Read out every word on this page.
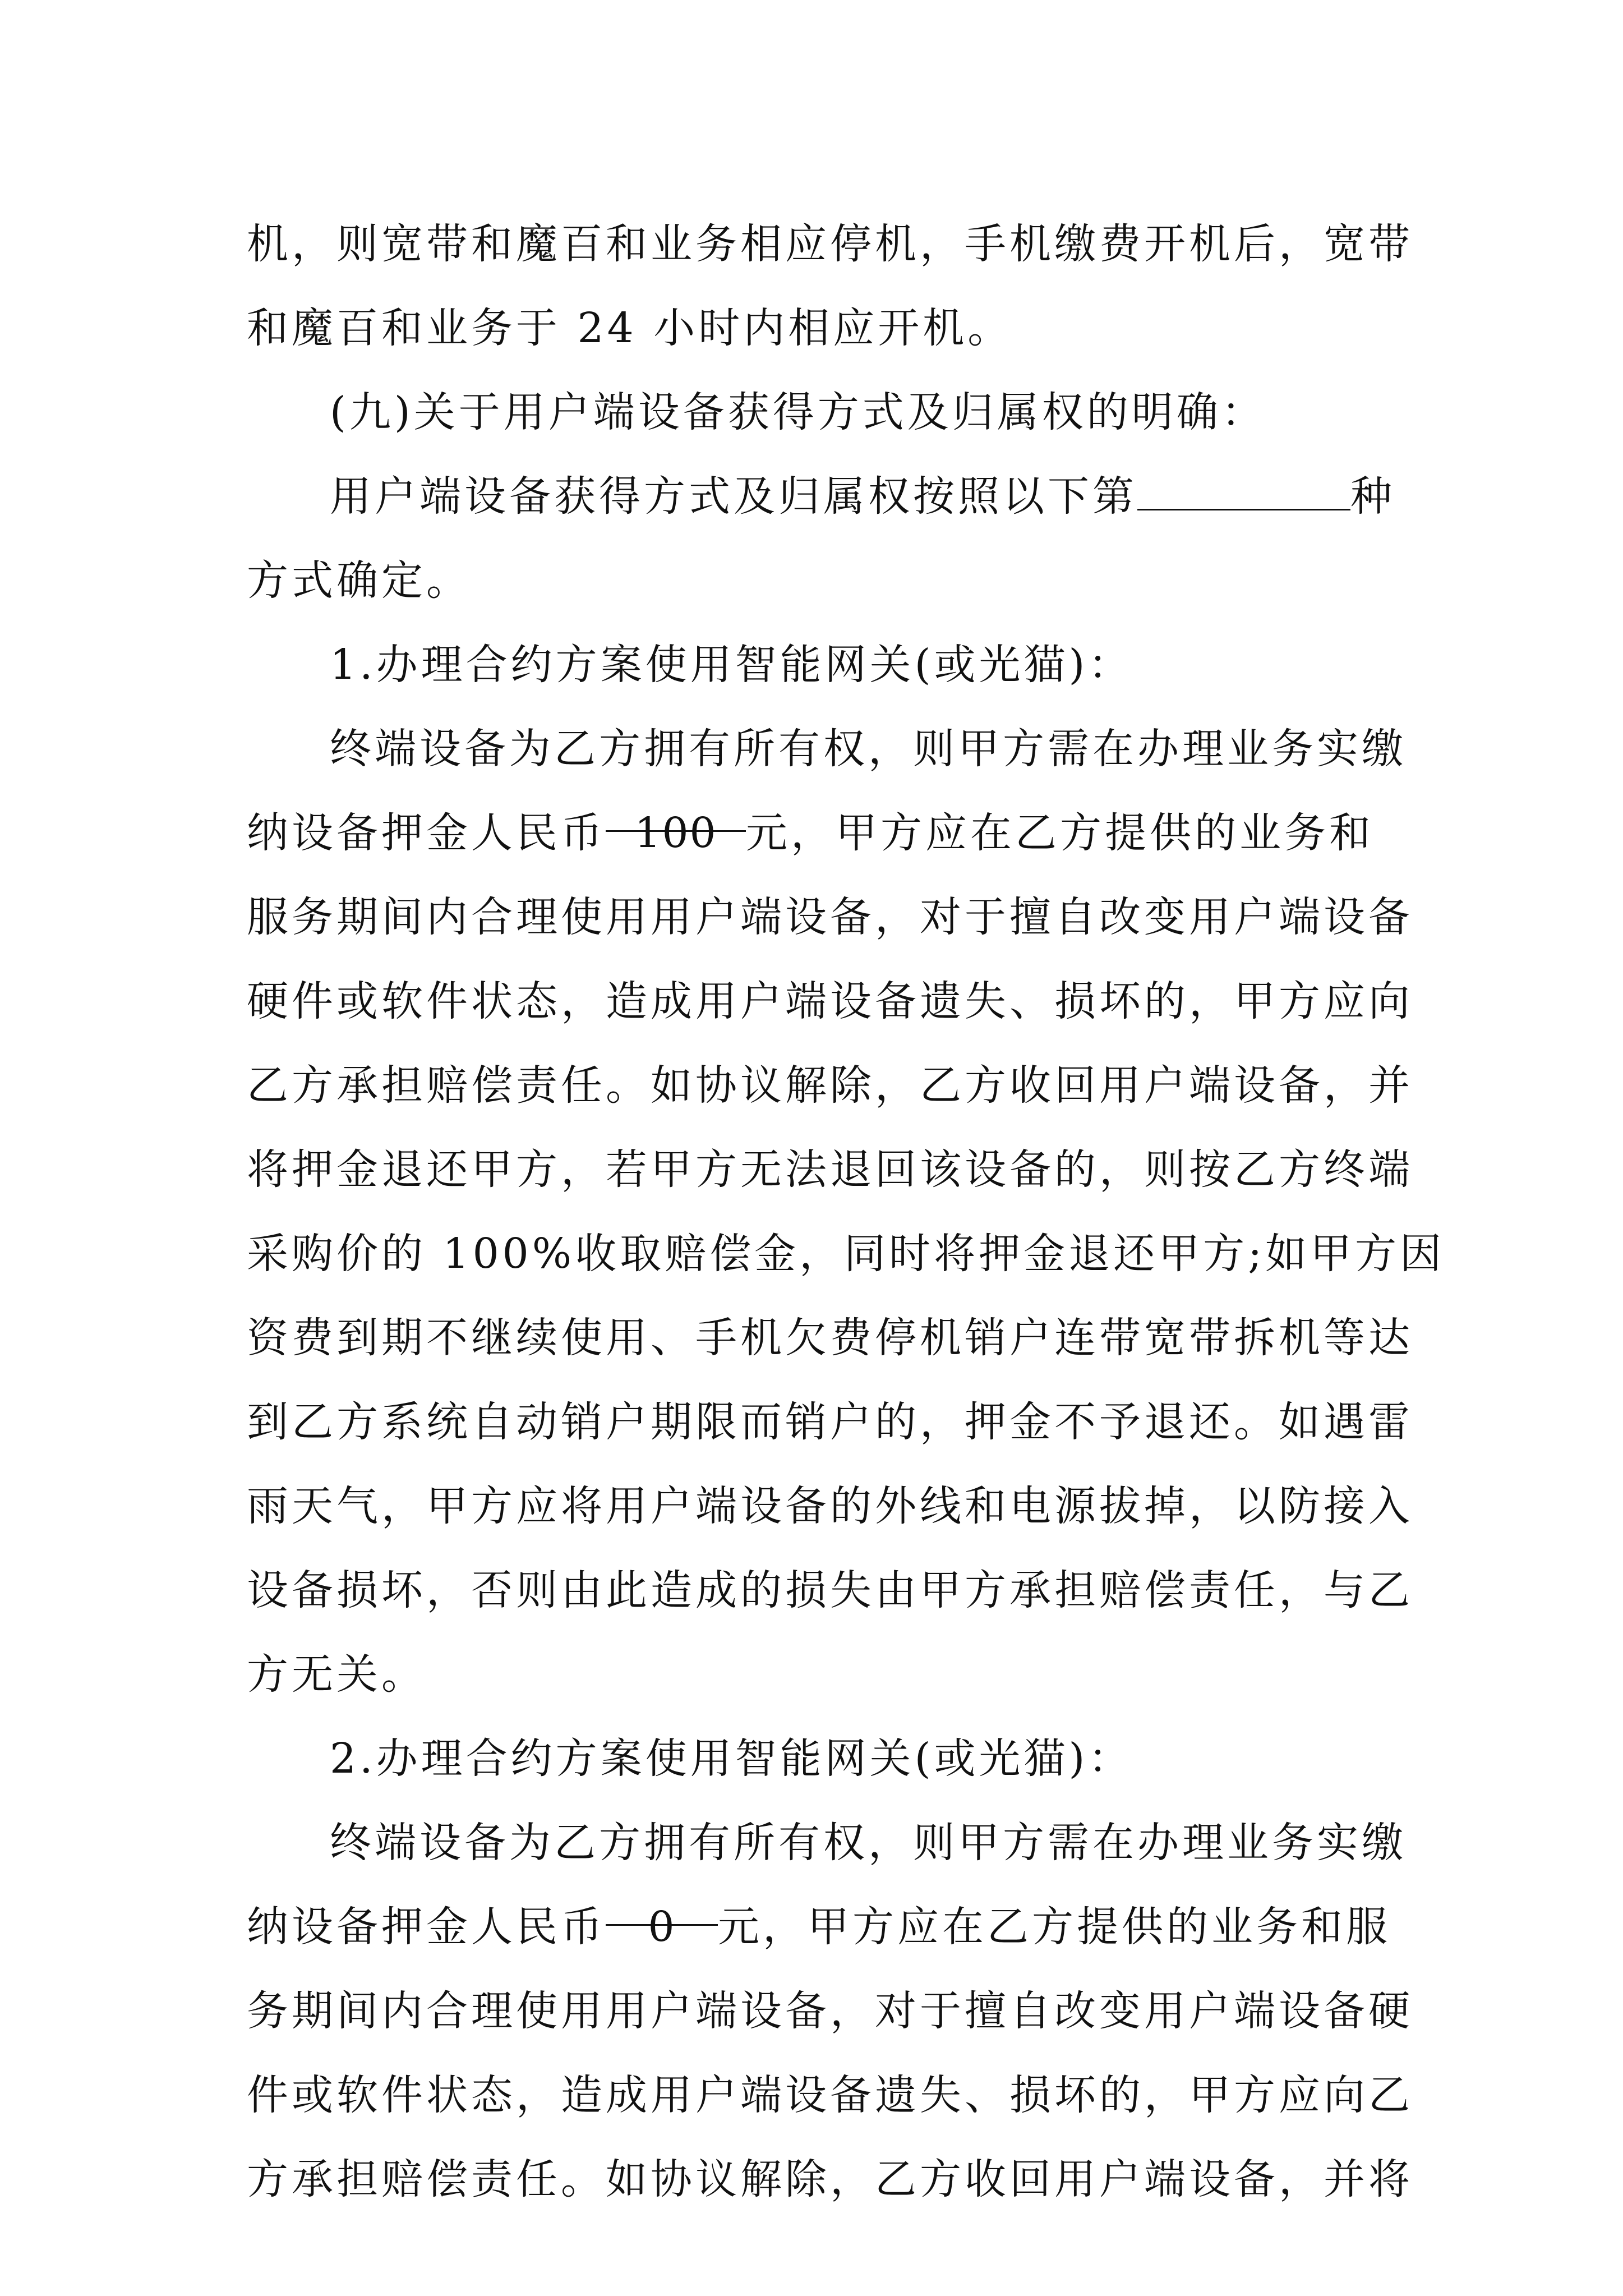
机，则宽带和魔百和业务相应停机，手机缴费开机后，宽带
和魔百和业务于 24 小时内相应开机。
(九)关于用户端设备获得方式及归属权的明确：
用户端设备获得方式及归属权按照以下第	种
方式确定。
1.办理合约方案使用智能网关(或光猫)：
终端设备为乙方拥有所有权，则甲方需在办理业务实缴
纳设备押金人民币 100 元，甲方应在乙方提供的业务和
服务期间内合理使用用户端设备，对于擅自改变用户端设备
硬件或软件状态，造成用户端设备遗失、损坏的，甲方应向
乙方承担赔偿责任。如协议解除，乙方收回用户端设备，并
将押金退还甲方，若甲方无法退回该设备的，则按乙方终端
采购价的 100%收取赔偿金，同时将押金退还甲方;如甲方因
资费到期不继续使用、手机欠费停机销户连带宽带拆机等达
到乙方系统自动销户期限而销户的，押金不予退还。如遇雷
雨天气，甲方应将用户端设备的外线和电源拔掉，以防接入
设备损坏，否则由此造成的损失由甲方承担赔偿责任，与乙
方无关。
2.办理合约方案使用智能网关(或光猫)：
终端设备为乙方拥有所有权，则甲方需在办理业务实缴
纳设备押金人民币 0 元，甲方应在乙方提供的业务和服
务期间内合理使用用户端设备，对于擅自改变用户端设备硬
件或软件状态，造成用户端设备遗失、损坏的，甲方应向乙
方承担赔偿责任。如协议解除，乙方收回用户端设备，并将
